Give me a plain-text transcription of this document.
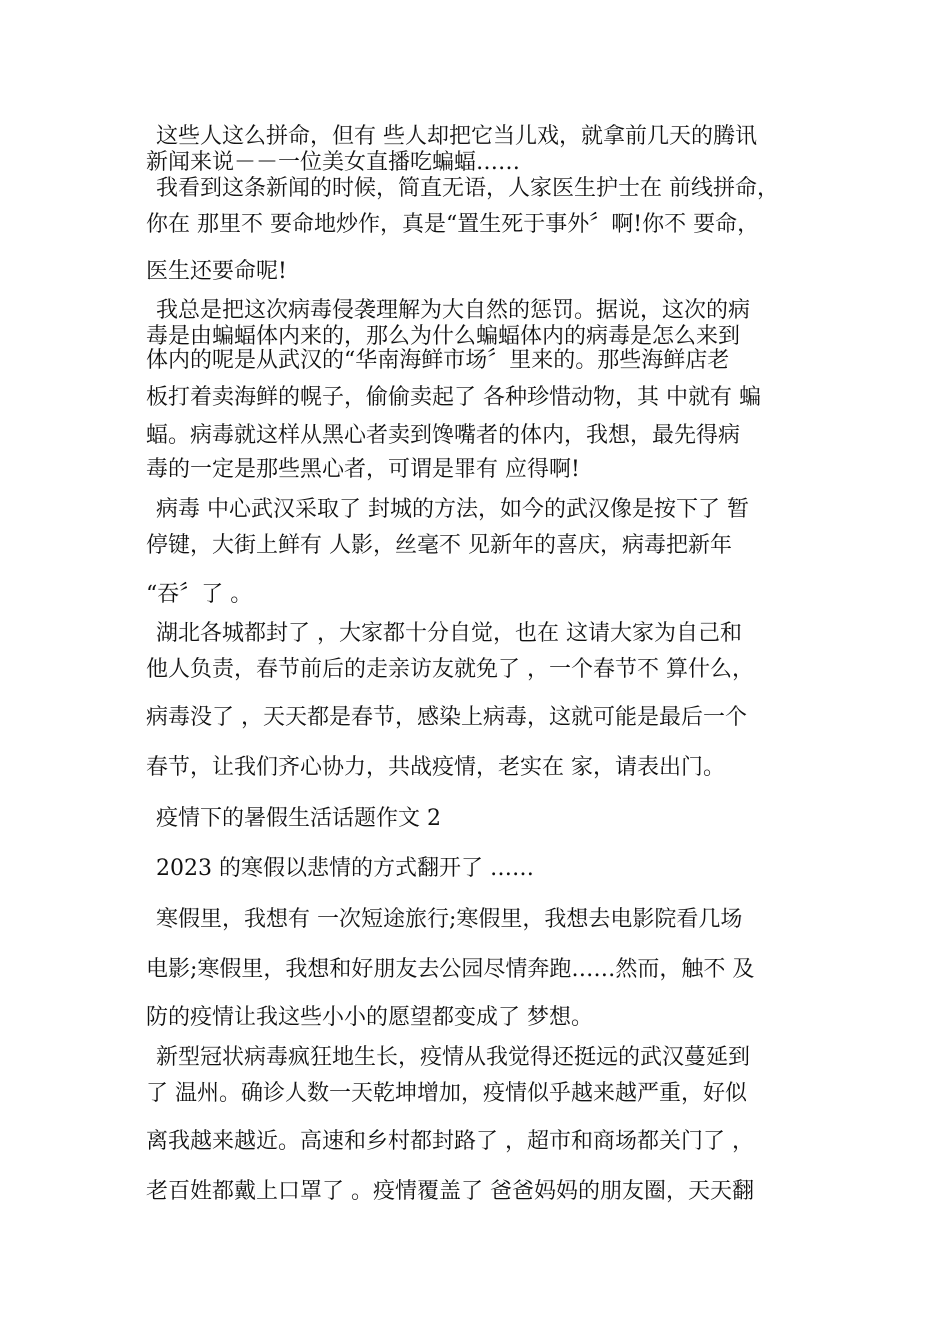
这些人这么拼命，但有 些人却把它当儿戏，就拿前几天的腾讯

新闻来说－－一位美女直播吃蝙蝠……

我看到这条新闻的时候，简直无语，人家医生护士在 前线拼命，

你在 那里不 要命地炒作，真是“置生死于事外〞啊!你不 要命，

医生还要命呢!

我总是把这次病毒侵袭理解为大自然的惩罚。据说，这次的病

毒是由蝙蝠体内来的，那么为什么蝙蝠体内的病毒是怎么来到

体内的呢是从武汉的“华南海鲜市场〞里来的。那些海鲜店老

板打着卖海鲜的幌子，偷偷卖起了 各种珍惜动物，其 中就有 蝙

蝠。病毒就这样从黑心者卖到馋嘴者的体内，我想，最先得病

毒的一定是那些黑心者，可谓是罪有 应得啊!

病毒 中心武汉采取了 封城的方法，如今的武汉像是按下了 暂

停键，大街上鲜有 人影，丝毫不 见新年的喜庆，病毒把新年

“吞〞了 。

湖北各城都封了 ，大家都十分自觉，也在 这请大家为自己和

他人负责，春节前后的走亲访友就免了 ，一个春节不 算什么，

病毒没了 ，天天都是春节，感染上病毒，这就可能是最后一个

春节，让我们齐心协力，共战疫情，老实在 家，请表出门。

疫情下的暑假生活话题作文 2

2023 的寒假以悲情的方式翻开了 ……

寒假里，我想有 一次短途旅行;寒假里，我想去电影院看几场

电影;寒假里，我想和好朋友去公园尽情奔跑……然而，触不 及

防的疫情让我这些小小的愿望都变成了 梦想。

新型冠状病毒疯狂地生长，疫情从我觉得还挺远的武汉蔓延到

了 温州。确诊人数一天乾坤增加，疫情似乎越来越严重，好似

离我越来越近。高速和乡村都封路了 ，超市和商场都关门了 ，

老百姓都戴上口罩了 。疫情覆盖了 爸爸妈妈的朋友圈，天天翻
